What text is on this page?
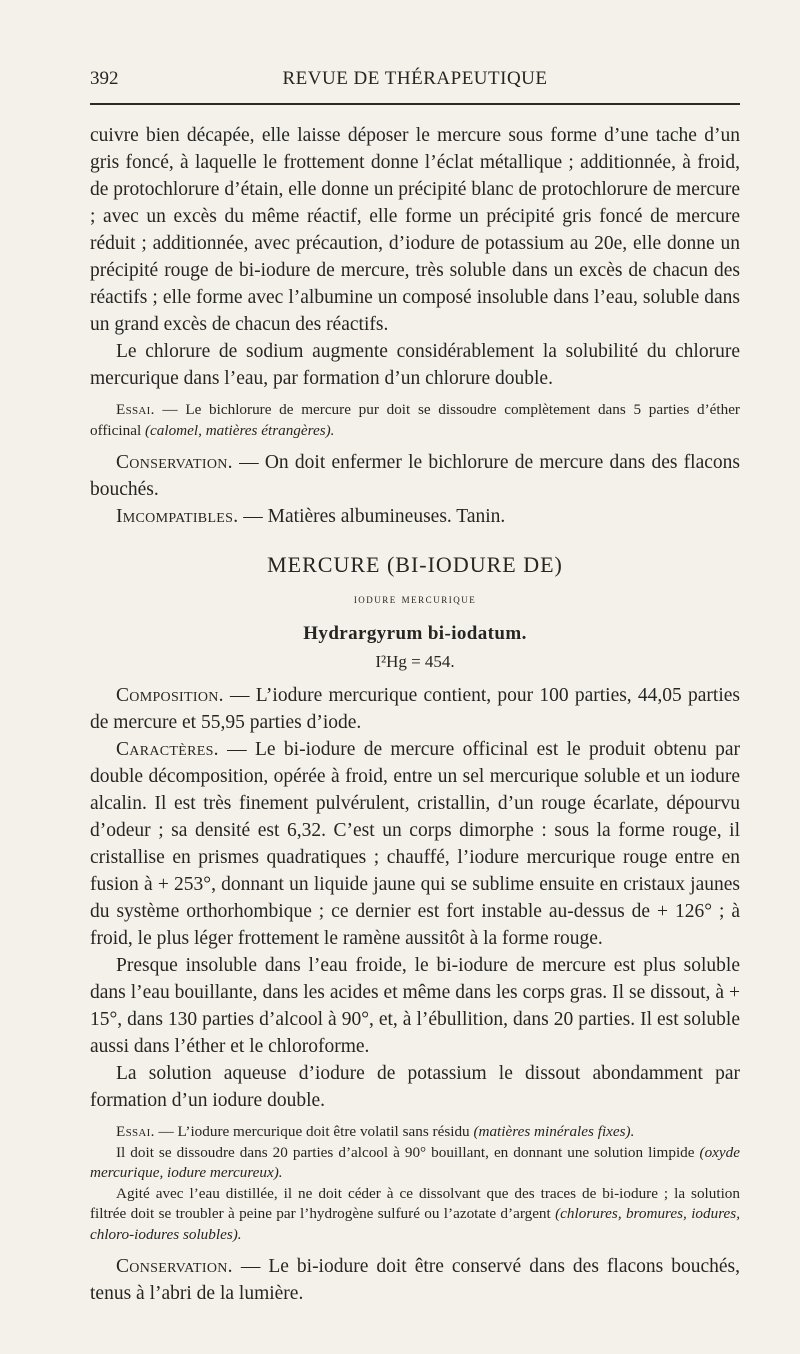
392	REVUE DE THÉRAPEUTIQUE

cuivre bien décapée, elle laisse déposer le mercure sous forme d’une tache d’un gris foncé, à laquelle le frottement donne l’éclat métallique ; additionnée, à froid, de protochlorure d’étain, elle donne un précipité blanc de protochlorure de mercure ; avec un excès du même réactif, elle forme un précipité gris foncé de mercure réduit ; additionnée, avec précaution, d’iodure de potassium au 20e, elle donne un précipité rouge de bi-iodure de mercure, très soluble dans un excès de chacun des réactifs ; elle forme avec l’albumine un composé insoluble dans l’eau, soluble dans un grand excès de chacun des réactifs.

Le chlorure de sodium augmente considérablement la solubilité du chlorure mercurique dans l’eau, par formation d’un chlorure double.

Essai. — Le bichlorure de mercure pur doit se dissoudre complètement dans 5 parties d’éther officinal (calomel, matières étrangères).

Conservation. — On doit enfermer le bichlorure de mercure dans des flacons bouchés.

Imcompatibles. — Matières albumineuses. Tanin.

MERCURE (BI-IODURE DE)

iodure mercurique

Hydrargyrum bi-iodatum.

I²Hg = 454.

Composition. — L’iodure mercurique contient, pour 100 parties, 44,05 parties de mercure et 55,95 parties d’iode.

Caractères. — Le bi-iodure de mercure officinal est le produit obtenu par double décomposition, opérée à froid, entre un sel mercurique soluble et un iodure alcalin. Il est très finement pulvérulent, cristallin, d’un rouge écarlate, dépourvu d’odeur ; sa densité est 6,32. C’est un corps dimorphe : sous la forme rouge, il cristallise en prismes quadratiques ; chauffé, l’iodure mercurique rouge entre en fusion à + 253°, donnant un liquide jaune qui se sublime ensuite en cristaux jaunes du système orthorhombique ; ce dernier est fort instable au-dessus de + 126° ; à froid, le plus léger frottement le ramène aussitôt à la forme rouge.

Presque insoluble dans l’eau froide, le bi-iodure de mercure est plus soluble dans l’eau bouillante, dans les acides et même dans les corps gras. Il se dissout, à + 15°, dans 130 parties d’alcool à 90°, et, à l’ébullition, dans 20 parties. Il est soluble aussi dans l’éther et le chloroforme.

La solution aqueuse d’iodure de potassium le dissout abondamment par formation d’un iodure double.

Essai. — L’iodure mercurique doit être volatil sans résidu (matières minérales fixes).

Il doit se dissoudre dans 20 parties d’alcool à 90° bouillant, en donnant une solution limpide (oxyde mercurique, iodure mercureux).

Agité avec l’eau distillée, il ne doit céder à ce dissolvant que des traces de bi-iodure ; la solution filtrée doit se troubler à peine par l’hydrogène sulfuré ou l’azotate d’argent (chlorures, bromures, iodures, chloro-iodures solubles).

Conservation. — Le bi-iodure doit être conservé dans des flacons bouchés, tenus à l’abri de la lumière.
